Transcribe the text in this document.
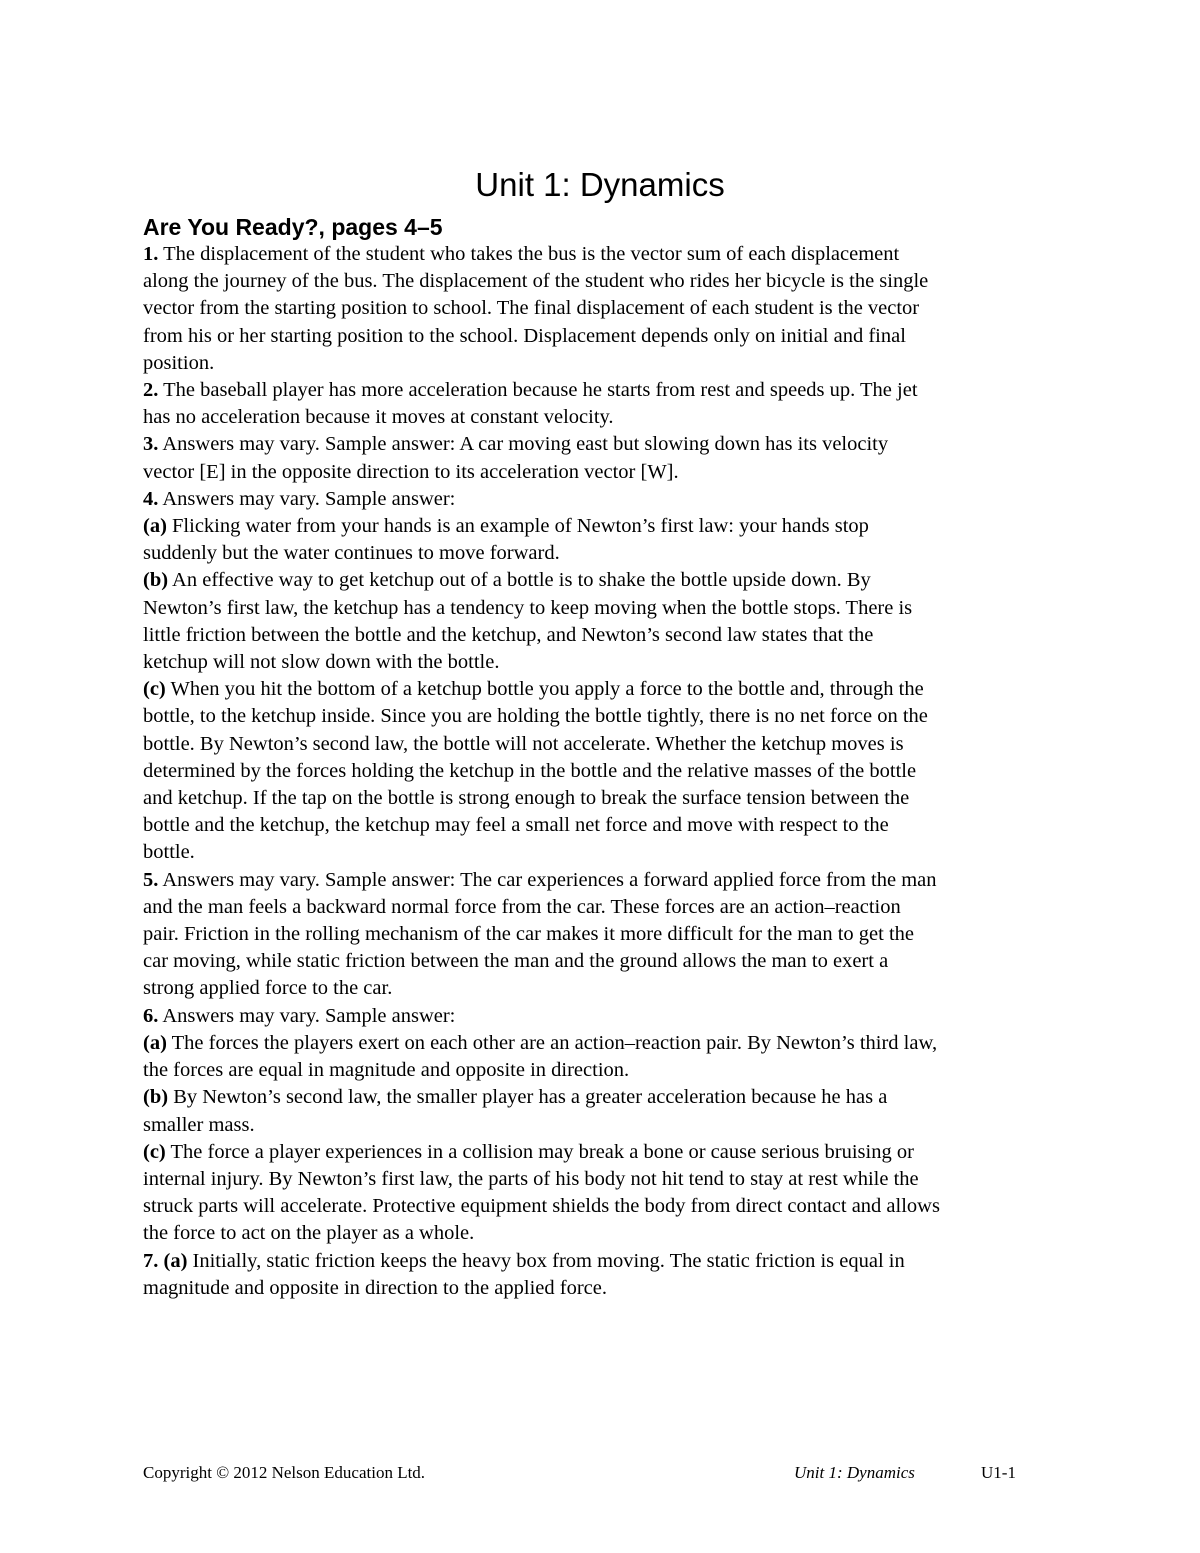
Unit 1: Dynamics
Are You Ready?, pages 4–5
1. The displacement of the student who takes the bus is the vector sum of each displacement
along the journey of the bus. The displacement of the student who rides her bicycle is the single
vector from the starting position to school. The final displacement of each student is the vector
from his or her starting position to the school. Displacement depends only on initial and final
position.
2. The baseball player has more acceleration because he starts from rest and speeds up. The jet
has no acceleration because it moves at constant velocity.
3. Answers may vary. Sample answer: A car moving east but slowing down has its velocity
vector [E] in the opposite direction to its acceleration vector [W].
4. Answers may vary. Sample answer:
(a) Flicking water from your hands is an example of Newton’s first law: your hands stop
suddenly but the water continues to move forward.
(b) An effective way to get ketchup out of a bottle is to shake the bottle upside down. By
Newton’s first law, the ketchup has a tendency to keep moving when the bottle stops. There is
little friction between the bottle and the ketchup, and Newton’s second law states that the
ketchup will not slow down with the bottle.
(c) When you hit the bottom of a ketchup bottle you apply a force to the bottle and, through the
bottle, to the ketchup inside. Since you are holding the bottle tightly, there is no net force on the
bottle. By Newton’s second law, the bottle will not accelerate. Whether the ketchup moves is
determined by the forces holding the ketchup in the bottle and the relative masses of the bottle
and ketchup. If the tap on the bottle is strong enough to break the surface tension between the
bottle and the ketchup, the ketchup may feel a small net force and move with respect to the
bottle.
5. Answers may vary. Sample answer: The car experiences a forward applied force from the man
and the man feels a backward normal force from the car. These forces are an action–reaction
pair. Friction in the rolling mechanism of the car makes it more difficult for the man to get the
car moving, while static friction between the man and the ground allows the man to exert a
strong applied force to the car.
6. Answers may vary. Sample answer:
(a) The forces the players exert on each other are an action–reaction pair. By Newton’s third law,
the forces are equal in magnitude and opposite in direction.
(b) By Newton’s second law, the smaller player has a greater acceleration because he has a
smaller mass.
(c) The force a player experiences in a collision may break a bone or cause serious bruising or
internal injury. By Newton’s first law, the parts of his body not hit tend to stay at rest while the
struck parts will accelerate. Protective equipment shields the body from direct contact and allows
the force to act on the player as a whole.
7. (a) Initially, static friction keeps the heavy box from moving. The static friction is equal in
magnitude and opposite in direction to the applied force.
Copyright © 2012 Nelson Education Ltd.	Unit 1: Dynamics	U1-1
